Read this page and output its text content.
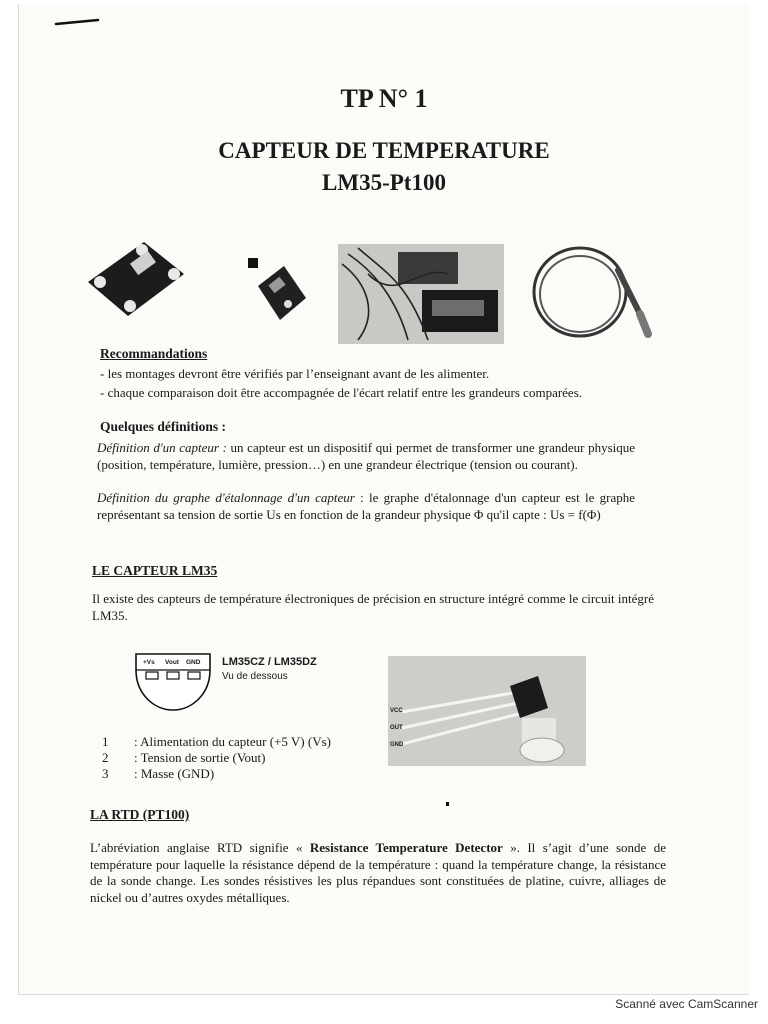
TP N° 1
CAPTEUR DE TEMPERATURE
LM35-Pt100
Recommandations
- les montages devront être vérifiés par l’enseignant avant de les alimenter.
- chaque comparaison doit être accompagnée de l'écart relatif entre les grandeurs comparées.
Quelques définitions :
Définition d'un capteur : un capteur est un dispositif qui permet de transformer une grandeur physique (position, température, lumière, pression…) en une grandeur électrique (tension ou courant).
Définition du graphe d'étalonnage d'un capteur : le graphe d'étalonnage d'un capteur est le graphe représentant sa tension de sortie Us en fonction de la grandeur physique Φ qu'il capte : Us = f(Φ)
LE CAPTEUR LM35
Il existe des capteurs de température électroniques de précision en structure intégré comme le circuit intégré LM35.
+Vs Vout GND LM35CZ / LM35DZ
Vu de dessous
VCC
OUT
GND
1 : Alimentation du capteur (+5 V) (Vs)
2 : Tension de sortie (Vout)
3 : Masse (GND)
LA RTD (PT100)
L’abréviation anglaise RTD signifie « Resistance Temperature Detector ». Il s’agit d’une sonde de température pour laquelle la résistance dépend de la température : quand la température change, la résistance de la sonde change. Les sondes résistives les plus répandues sont constituées de platine, cuivre, alliages de nickel ou d’autres oxydes métalliques.
Scanné avec CamScanner
